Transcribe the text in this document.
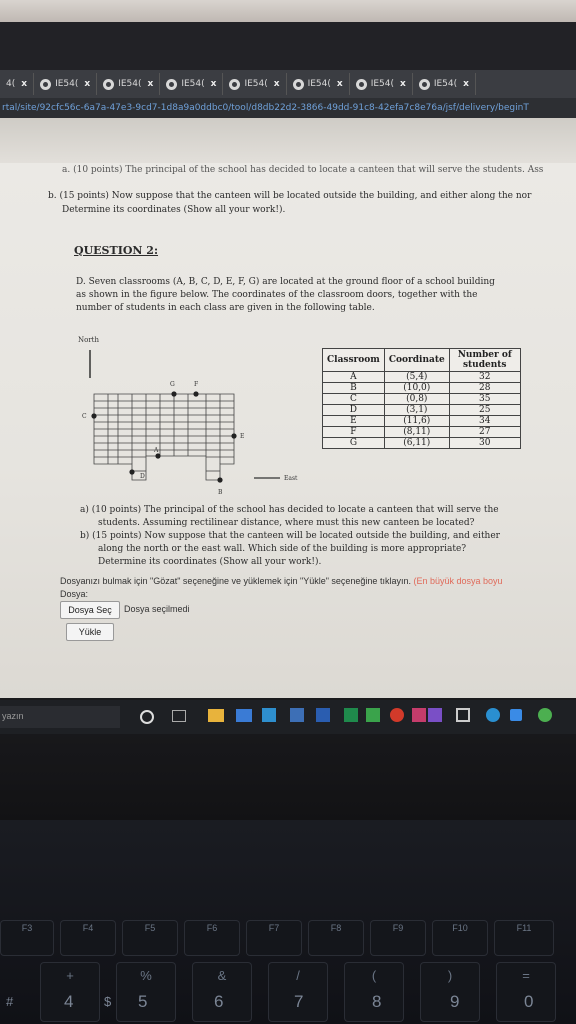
4( x	IE54( x	IE54( x	IE54( x	IE54( x	IE54( x	IE54( x	IE54( x
rtal/site/92cfc56c-6a7a-47e3-9cd7-1d8a9a0ddbc0/tool/d8db22d2-3866-49dd-91c8-42efa7c8e76a/jsf/delivery/beginT
a. (10 points) The principal of the school has decided to locate a canteen that will serve the students. Ass
b. (15 points) Now suppose that the canteen will be located outside the building, and either along the nor
Determine its coordinates (Show all your work!).
QUESTION 2:
D. Seven classrooms (A, B, C, D, E, F, G) are located at the ground floor of a school building
as shown in the figure below. The coordinates of the classroom doors, together with the
number of students in each class are given in the following table.
North
G	F
C
E
A
D
B
East
Classroom	Coordinate	Number of students
A	(5,4)	32
B	(10,0)	28
C	(0,8)	35
D	(3,1)	25
E	(11,6)	34
F	(8,11)	27
G	(6,11)	30
a) (10 points) The principal of the school has decided to locate a canteen that will serve the
students. Assuming rectilinear distance, where must this new canteen be located?
b) (15 points) Now suppose that the canteen will be located outside the building, and either
along the north or the east wall. Which side of the building is more appropriate?
Determine its coordinates (Show all your work!).
Dosyanızı bulmak için "Gözat" seçeneğine ve yüklemek için "Yükle" seçeneğine tıklayın. (En büyük dosya boyu
Dosya:
Dosya Seç	Dosya seçilmedi
Yükle
yazın
F3	F4	F5	F6	F7	F8	F9	F10	F11
+	%	&	/	(	)	=
#	4 $ 5	6	7	8	9	0
